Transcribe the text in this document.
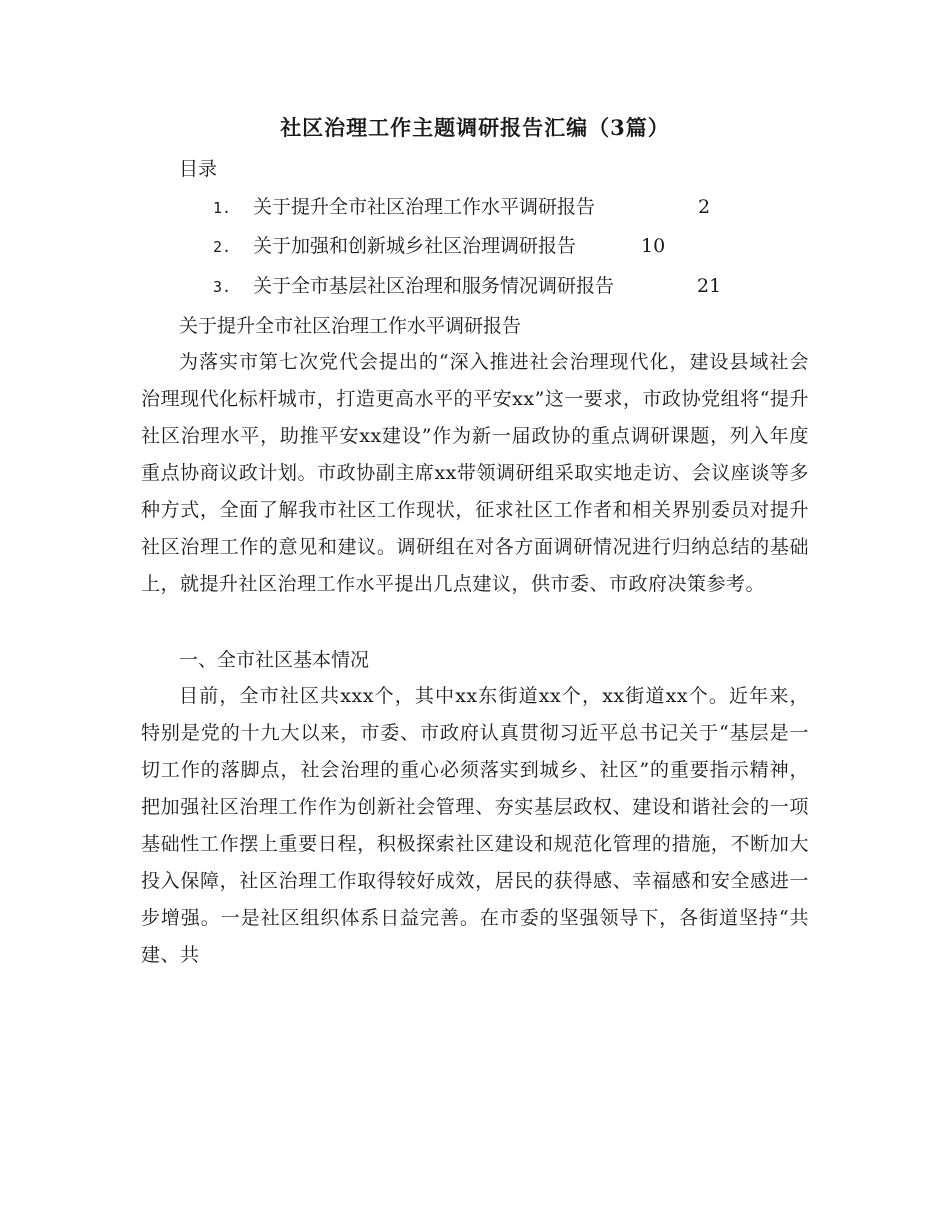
社区治理工作主题调研报告汇编（3篇）
目录
1. 关于提升全市社区治理工作水平调研报告	2
2. 关于加强和创新城乡社区治理调研报告	10
3. 关于全市基层社区治理和服务情况调研报告	21
关于提升全市社区治理工作水平调研报告

为落实市第七次党代会提出的“深入推进社会治理现代化，建设县域社会治理现代化标杆城市，打造更高水平的平安xx”这一要求，市政协党组将“提升社区治理水平，助推平安xx建设”作为新一届政协的重点调研课题，列入年度重点协商议政计划。市政协副主席xx带领调研组采取实地走访、会议座谈等多种方式，全面了解我市社区工作现状，征求社区工作者和相关界别委员对提升社区治理工作的意见和建议。调研组在对各方面调研情况进行归纳总结的基础上，就提升社区治理工作水平提出几点建议，供市委、市政府决策参考。

一、全市社区基本情况

目前，全市社区共xxx个，其中xx东街道xx个，xx街道xx个。近年来，特别是党的十九大以来，市委、市政府认真贯彻习近平总书记关于“基层是一切工作的落脚点，社会治理的重心必须落实到城乡、社区”的重要指示精神，把加强社区治理工作作为创新社会管理、夯实基层政权、建设和谐社会的一项基础性工作摆上重要日程，积极探索社区建设和规范化管理的措施，不断加大投入保障，社区治理工作取得较好成效，居民的获得感、幸福感和安全感进一步增强。一是社区组织体系日益完善。在市委的坚强领导下，各街道坚持“共建、共
